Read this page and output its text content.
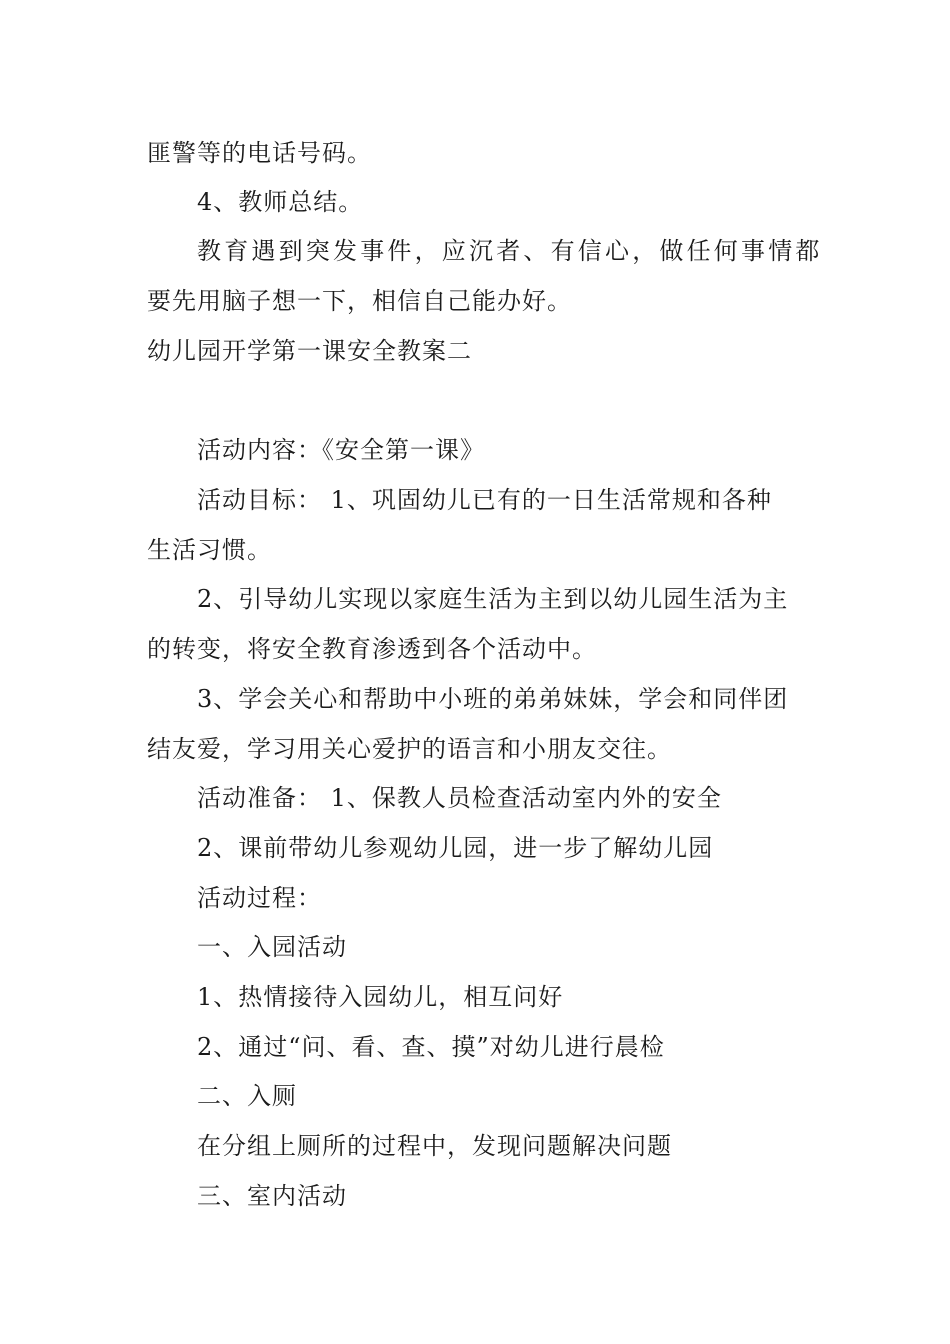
匪警等的电话号码。
4、教师总结。
教育遇到突发事件，应沉者、有信心，做任何事情都
要先用脑子想一下，相信自己能办好。
幼儿园开学第一课安全教案二
活动内容：《安全第一课》
活动目标： 1、巩固幼儿已有的一日生活常规和各种
生活习惯。
2、引导幼儿实现以家庭生活为主到以幼儿园生活为主
的转变，将安全教育渗透到各个活动中。
3、学会关心和帮助中小班的弟弟妹妹，学会和同伴团
结友爱，学习用关心爱护的语言和小朋友交往。
活动准备： 1、保教人员检查活动室内外的安全
2、课前带幼儿参观幼儿园，进一步了解幼儿园
活动过程：
一、入园活动
1、热情接待入园幼儿，相互问好
2、通过“问、看、查、摸”对幼儿进行晨检
二、入厕
在分组上厕所的过程中，发现问题解决问题
三、室内活动
